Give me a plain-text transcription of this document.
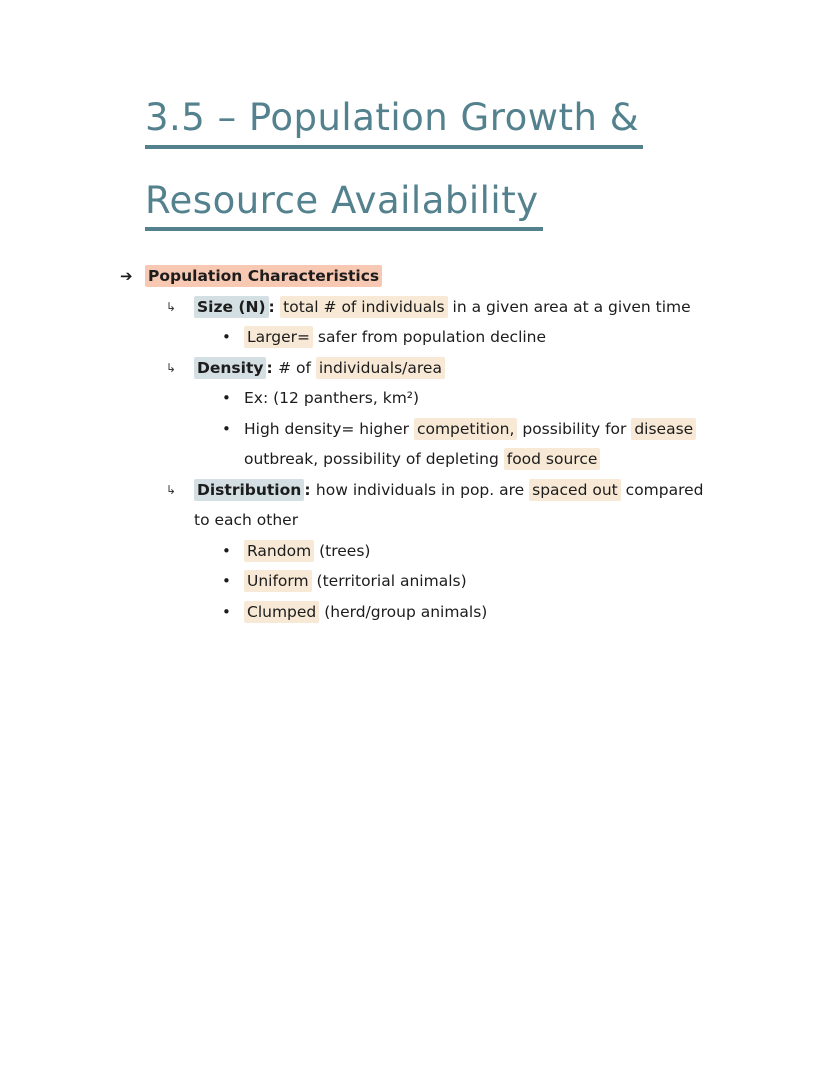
3.5 – Population Growth &
Resource Availability
➔ Population Characteristics
↳ Size (N) : total # of individuals in a given area at a given time
• Larger= safer from population decline
↳ Density : # of individuals/area
• Ex: (12 panthers, km²)
• High density= higher competition, possibility for disease
outbreak, possibility of depleting food source
↳ Distribution : how individuals in pop. are spaced out compared
to each other
• Random (trees)
• Uniform (territorial animals)
• Clumped (herd/group animals)
